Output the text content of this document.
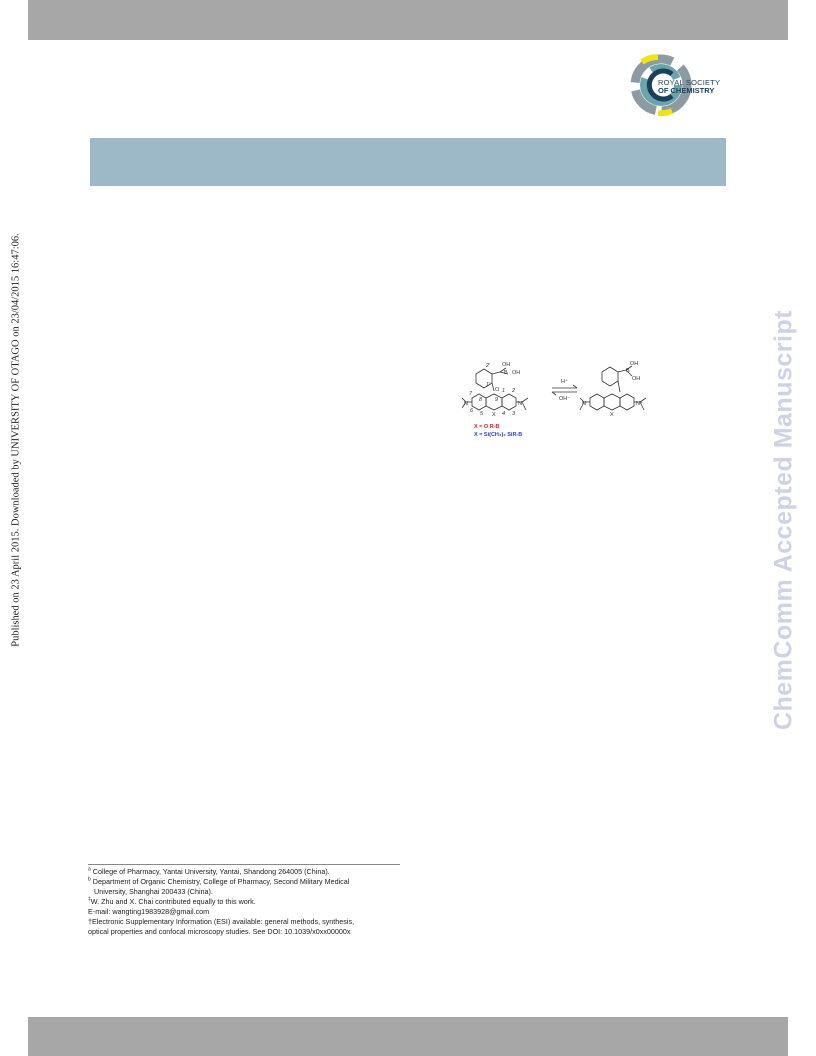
ROYAL SOCIETY
OF CHEMISTRY
Published on 23 April 2015. Downloaded by UNIVERSITY OF OTAGO on 23/04/2015 16:47:06.	ChemComm Accepted Manuscript
OH
B OH
2'
1'
1 2
3
4
5
6
7
8 9
O
X
N	N
X = O R-B
X = Si(CH₃)₂ SiR-B
H⁺
OH⁻
OH
B
OH
X
N	N⁺

$^a$ College of Pharmacy, Yantai University, Yantai, Shandong 264005 (China).

$^b$ Department of Organic Chemistry, College of Pharmacy, Second Military Medical

University, Shanghai 200433 (China).

‡W. Zhu and X. Chai contributed equally to this work.

E-mail: wangting1983928@gmail.com

†Electronic Supplementary Information (ESI) available: general methods, synthesis,

optical properties and confocal microscopy studies. See DOI: 10.1039/x0xx00000x
